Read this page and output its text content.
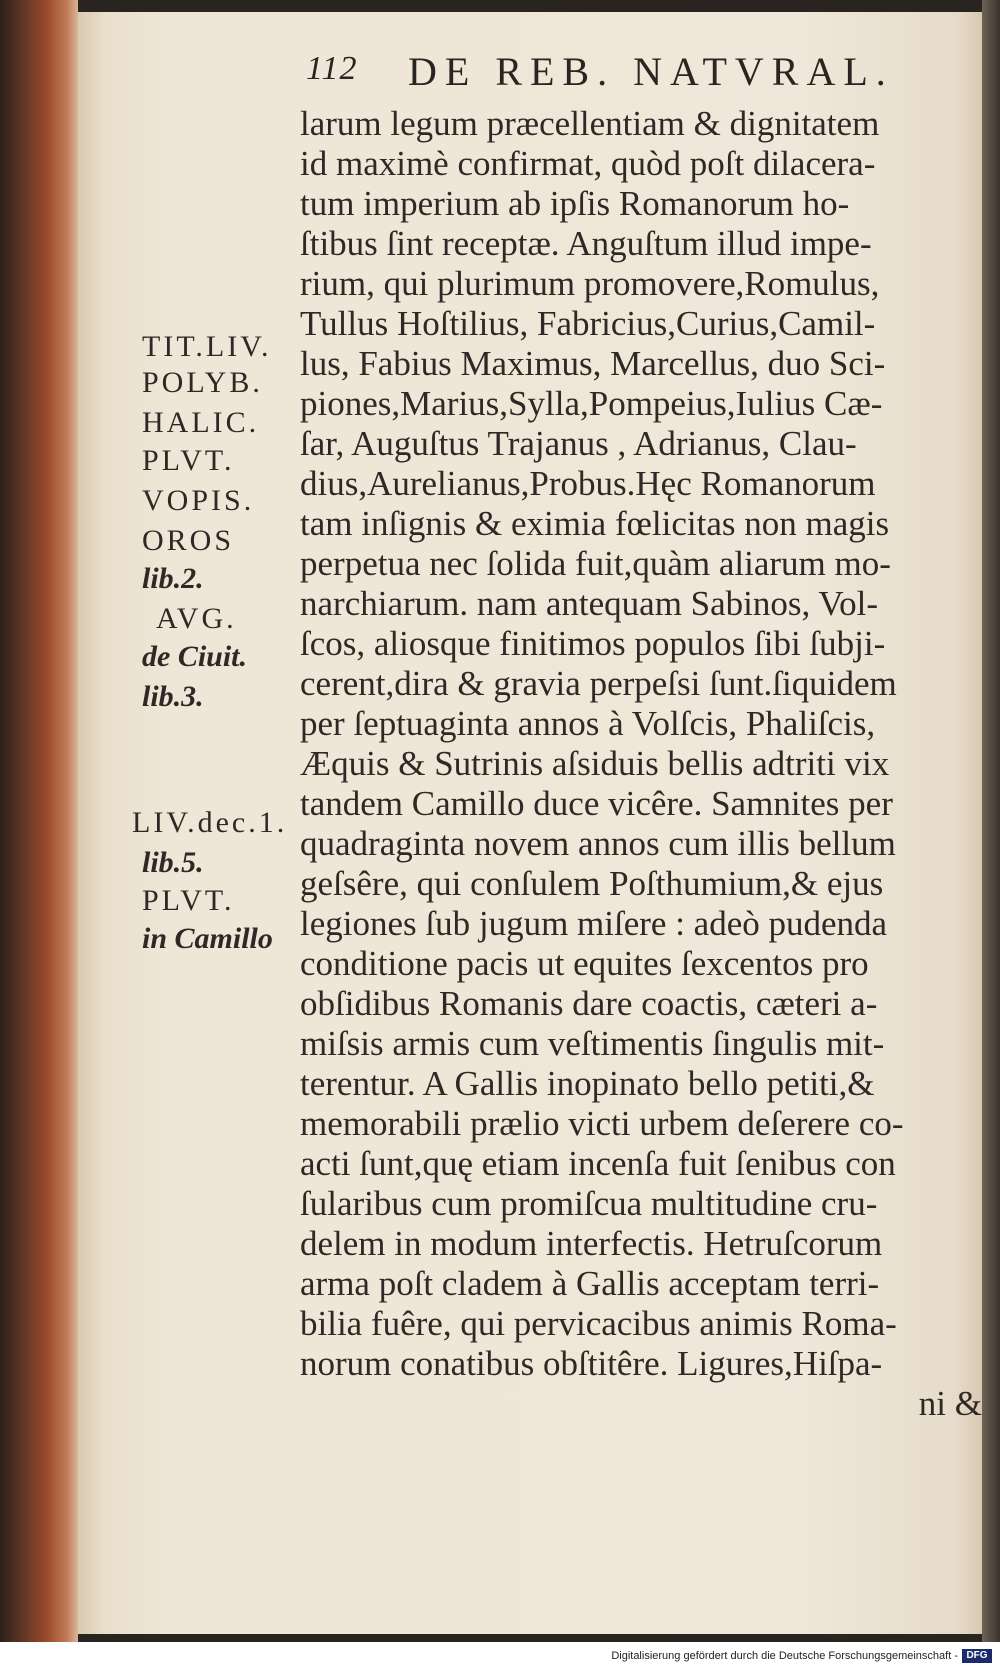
112 DE REB. NATVRAL.
larum legum præcellentiam & dignitatem
id maximè confirmat, quòd poſt dilacera-
tum imperium ab ipſis Romanorum ho-
ſtibus ſint receptæ. Anguſtum illud impe-
rium, qui plurimum promovere,Romulus,
Tullus Hoſtilius, Fabricius,Curius,Camil-
lus, Fabius Maximus, Marcellus, duo Sci-
piones,Marius,Sylla,Pompeius,Iulius Cæ-
ſar, Auguſtus Trajanus , Adrianus, Clau-
dius,Aurelianus,Probus.Hęc Romanorum
tam inſignis & eximia fœlicitas non magis
perpetua nec ſolida fuit,quàm aliarum mo-
narchiarum. nam antequam Sabinos, Vol-
ſcos, aliosque finitimos populos ſibi ſubji-
cerent,dira & gravia perpeſsi ſunt.ſiquidem
per ſeptuaginta annos à Volſcis, Phaliſcis,
Æquis & Sutrinis aſsiduis bellis adtriti vix
tandem Camillo duce vicêre. Samnites per
quadraginta novem annos cum illis bellum
geſsêre, qui conſulem Poſthumium,& ejus
legiones ſub jugum miſere : adeò pudenda
conditione pacis ut equites ſexcentos pro
obſidibus Romanis dare coactis, cæteri a-
miſsis armis cum veſtimentis ſingulis mit-
terentur. A Gallis inopinato bello petiti,&
memorabili prælio victi urbem deſerere co-
acti ſunt,quę etiam incenſa fuit ſenibus con
ſularibus cum promiſcua multitudine cru-
delem in modum interfectis. Hetruſcorum
arma poſt cladem à Gallis acceptam terri-
bilia fuêre, qui pervicacibus animis Roma-
norum conatibus obſtitêre. Ligures,Hiſpa-
ni &
TIT.LIV.
POLYB.
HALIC.
PLVT.
VOPIS.
OROS
lib.2.
AVG.
de Ciuit.
lib.3.
LIV.dec.1.
lib.5.
PLVT.
in Camillo
Digitalisierung gefördert durch die Deutsche Forschungsgemeinschaft - DFG
